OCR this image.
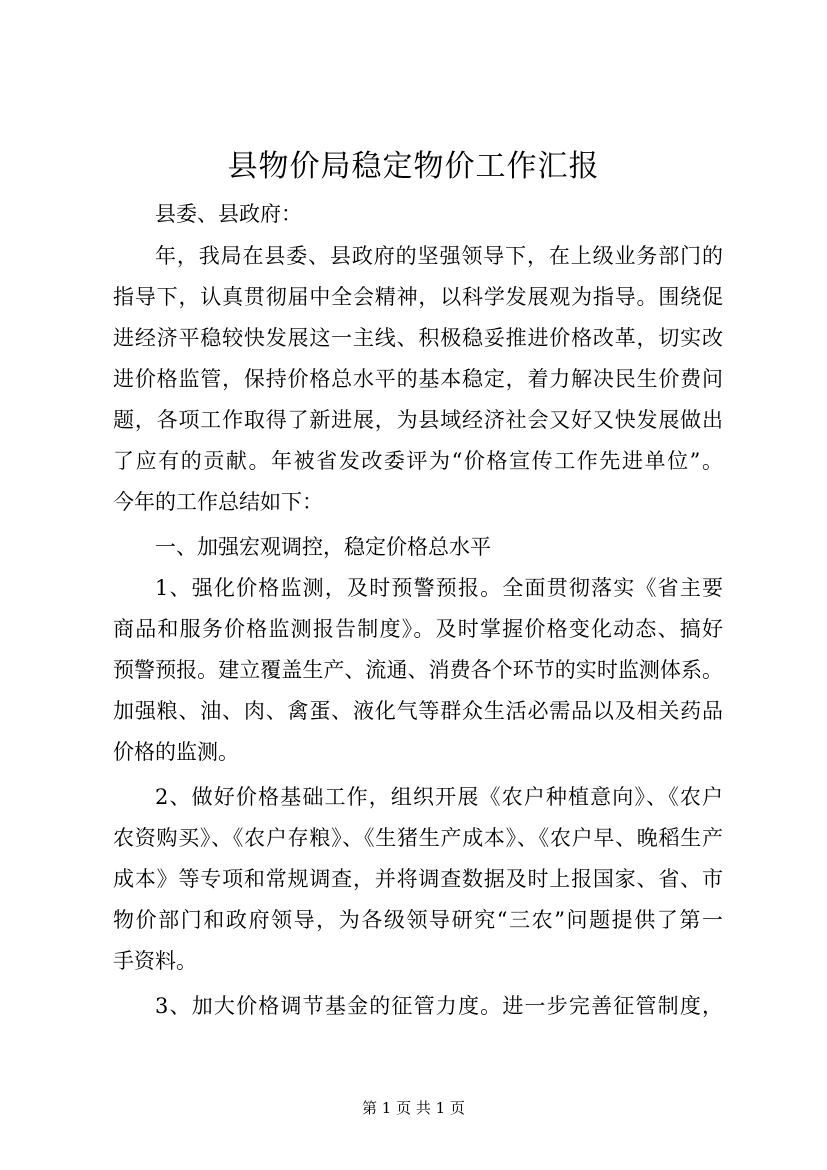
县物价局稳定物价工作汇报
县委、县政府：
年，我局在县委、县政府的坚强领导下，在上级业务部门的
指导下，认真贯彻届中全会精神，以科学发展观为指导。围绕促
进经济平稳较快发展这一主线、积极稳妥推进价格改革，切实改
进价格监管，保持价格总水平的基本稳定，着力解决民生价费问
题，各项工作取得了新进展，为县域经济社会又好又快发展做出
了应有的贡献。年被省发改委评为“价格宣传工作先进单位”。
今年的工作总结如下：
一、加强宏观调控，稳定价格总水平
1、强化价格监测，及时预警预报。全面贯彻落实《省主要
商品和服务价格监测报告制度》。及时掌握价格变化动态、搞好
预警预报。建立覆盖生产、流通、消费各个环节的实时监测体系。
加强粮、油、肉、禽蛋、液化气等群众生活必需品以及相关药品
价格的监测。
2、做好价格基础工作，组织开展《农户种植意向》、《农户
农资购买》、《农户存粮》、《生猪生产成本》、《农户早、晚稻生产
成本》等专项和常规调查，并将调查数据及时上报国家、省、市
物价部门和政府领导，为各级领导研究“三农”问题提供了第一
手资料。
3、加大价格调节基金的征管力度。进一步完善征管制度，
第 1 页 共 1 页
